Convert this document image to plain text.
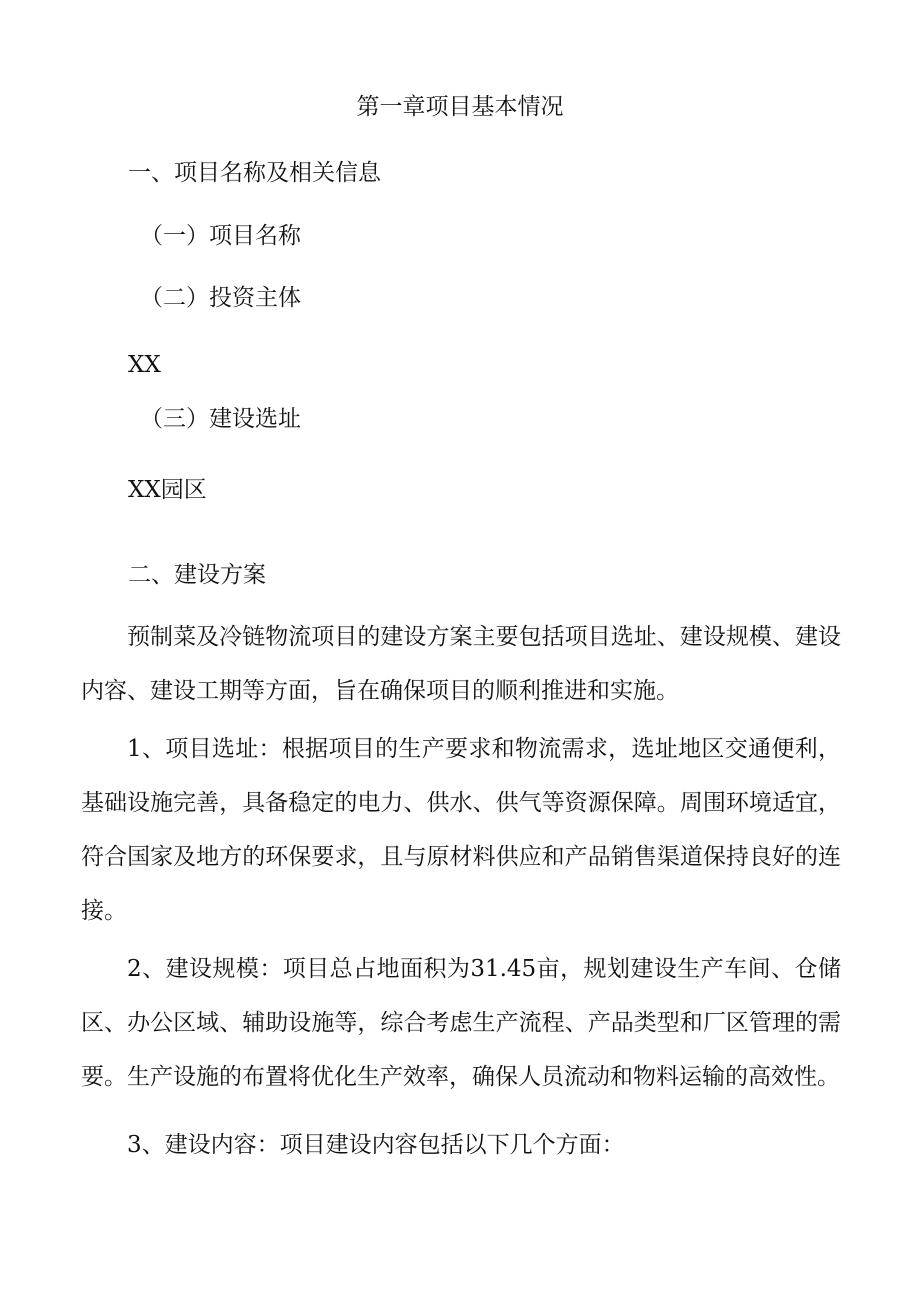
第一章项目基本情况
一、项目名称及相关信息
（一）项目名称
（二）投资主体

XX

（三）建设选址

XX园区

二、建设方案

预制菜及冷链物流项目的建设方案主要包括项目选址、建设规模、建设内容、建设工期等方面，旨在确保项目的顺利推进和实施。

1、项目选址：根据项目的生产要求和物流需求，选址地区交通便利，基础设施完善，具备稳定的电力、供水、供气等资源保障。周围环境适宜，符合国家及地方的环保要求，且与原材料供应和产品销售渠道保持良好的连接。

2、建设规模：项目总占地面积为31.45亩，规划建设生产车间、仓储区、办公区域、辅助设施等，综合考虑生产流程、产品类型和厂区管理的需要。生产设施的布置将优化生产效率，确保人员流动和物料运输的高效性。

3、建设内容：项目建设内容包括以下几个方面：
